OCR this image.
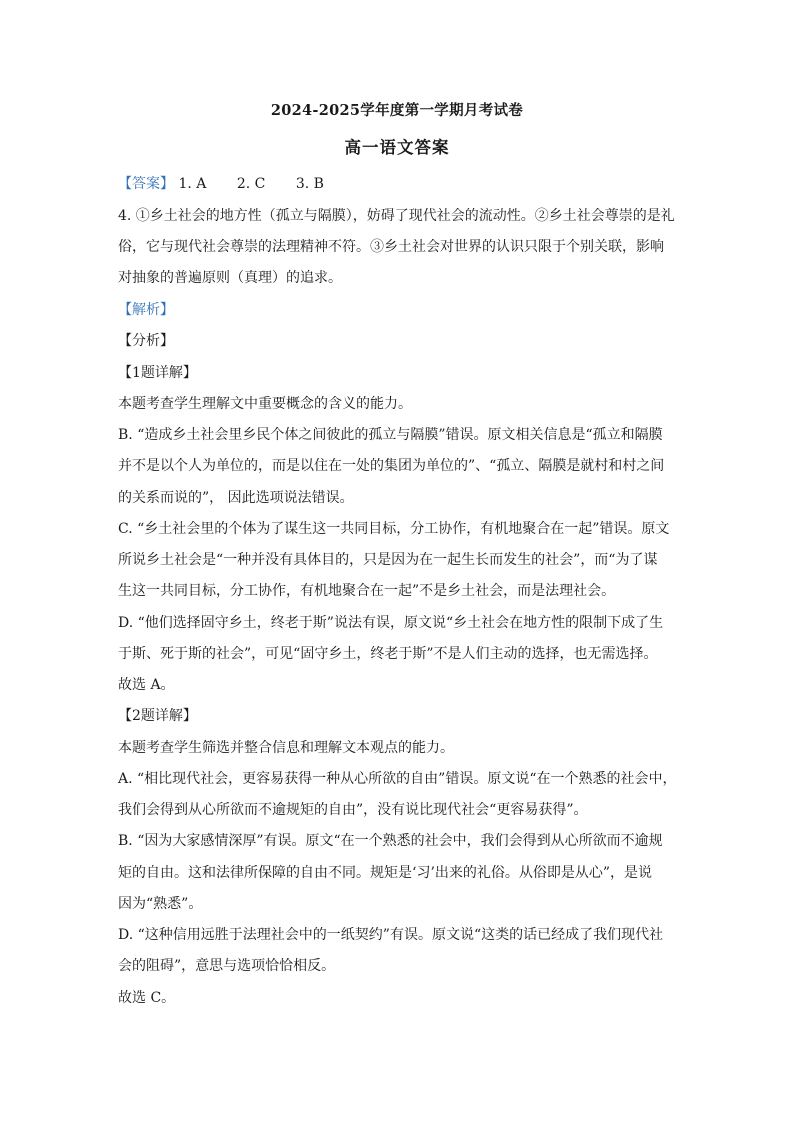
2024-2025学年度第一学期月考试卷
高一语文答案
【答案】 1. A 2. C 3. B
4. ①乡土社会的地方性（孤立与隔膜），妨碍了现代社会的流动性。②乡土社会尊崇的是礼
俗，它与现代社会尊崇的法理精神不符。③乡土社会对世界的认识只限于个别关联，影响
对抽象的普遍原则（真理）的追求。
【解析】
【分析】
【1题详解】
本题考查学生理解文中重要概念的含义的能力。
B. “造成乡土社会里乡民个体之间彼此的孤立与隔膜”错误。原文相关信息是“孤立和隔膜
并不是以个人为单位的，而是以住在一处的集团为单位的”、“孤立、隔膜是就村和村之间
的关系而说的”， 因此选项说法错误。
C. “乡土社会里的个体为了谋生这一共同目标，分工协作，有机地聚合在一起”错误。原文
所说乡土社会是“一种并没有具体目的，只是因为在一起生长而发生的社会”，而“为了谋
生这一共同目标，分工协作，有机地聚合在一起”不是乡土社会，而是法理社会。
D. “他们选择固守乡土，终老于斯”说法有误，原文说“乡土社会在地方性的限制下成了生
于斯、死于斯的社会”，可见“固守乡土，终老于斯”不是人们主动的选择，也无需选择。
故选 A。
【2题详解】
本题考查学生筛选并整合信息和理解文本观点的能力。
A. “相比现代社会，更容易获得一种从心所欲的自由”错误。原文说“在一个熟悉的社会中，
我们会得到从心所欲而不逾规矩的自由”，没有说比现代社会“更容易获得”。
B. “因为大家感情深厚”有误。原文“在一个熟悉的社会中，我们会得到从心所欲而不逾规
矩的自由。这和法律所保障的自由不同。规矩是‘习’出来的礼俗。从俗即是从心”，是说
因为“熟悉”。
D. “这种信用远胜于法理社会中的一纸契约”有误。原文说“这类的话已经成了我们现代社
会的阻碍”，意思与选项恰恰相反。
故选 C。
